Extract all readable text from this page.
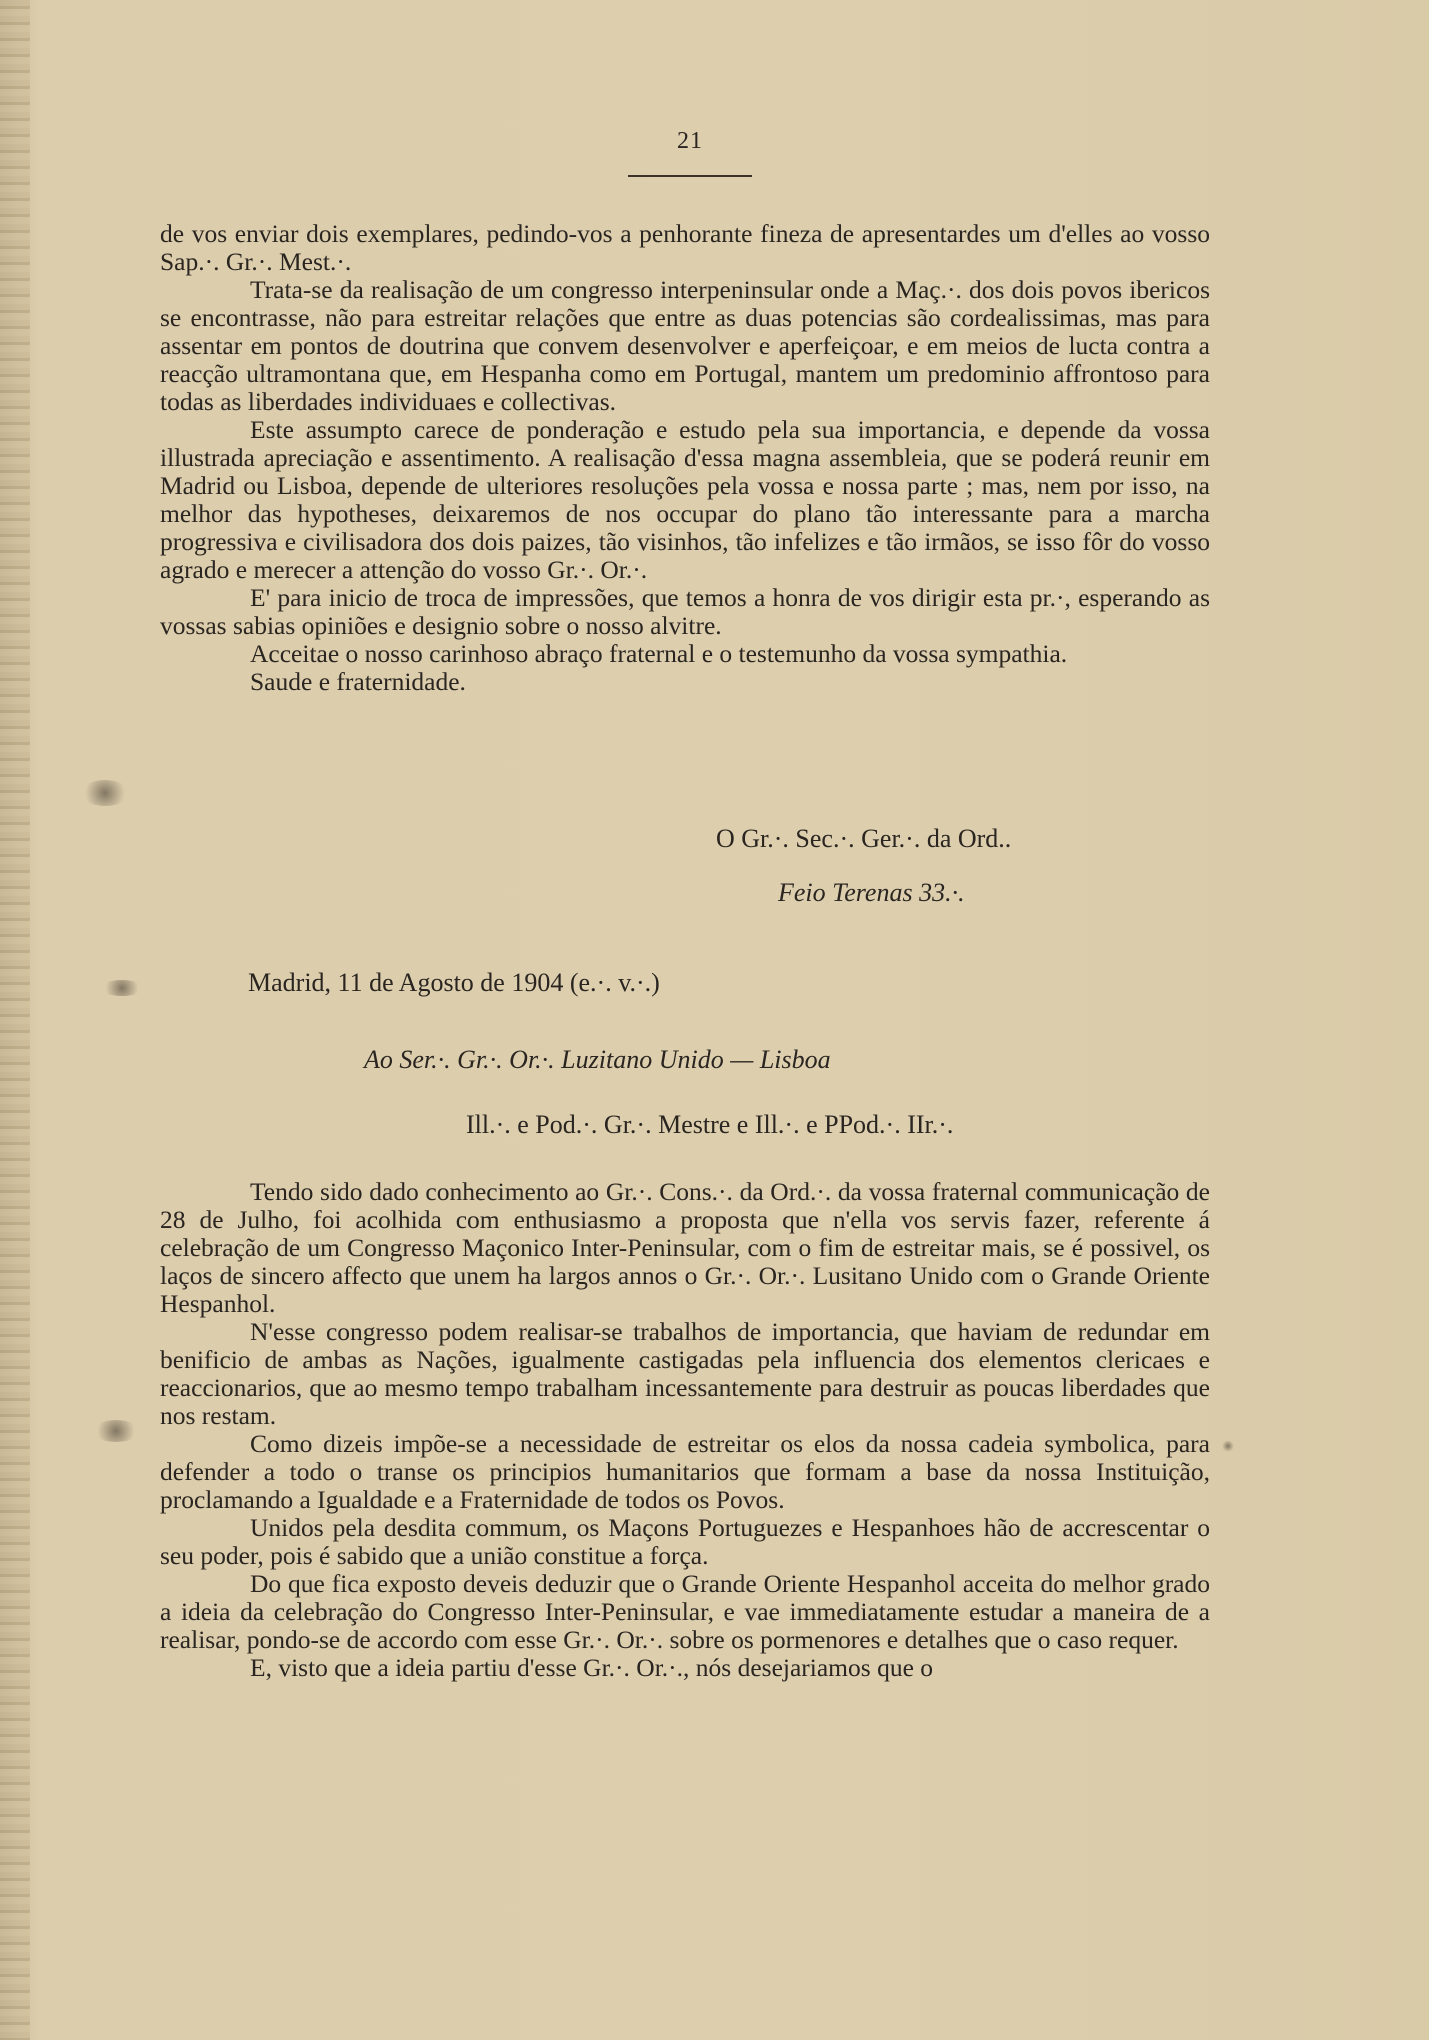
21

de vos enviar dois exemplares, pedindo-vos a penhorante fineza de apresentardes um d'elles ao vosso Sap.·. Gr.·. Mest.·.

Trata-se da realisação de um congresso interpeninsular onde a Maç.·. dos dois povos ibericos se encontrasse, não para estreitar relações que entre as duas potencias são cordealissimas, mas para assentar em pontos de doutrina que convem desenvolver e aperfeiçoar, e em meios de lucta contra a reacção ultramontana que, em Hespanha como em Portugal, mantem um predominio affrontoso para todas as liberdades individuaes e collectivas.

Este assumpto carece de ponderação e estudo pela sua importancia, e depende da vossa illustrada apreciação e assentimento. A realisação d'essa magna assembleia, que se poderá reunir em Madrid ou Lisboa, depende de ulteriores resoluções pela vossa e nossa parte ; mas, nem por isso, na melhor das hypotheses, deixaremos de nos occupar do plano tão interessante para a marcha progressiva e civilisadora dos dois paizes, tão visinhos, tão infelizes e tão irmãos, se isso fôr do vosso agrado e merecer a attenção do vosso Gr.·. Or.·.

E' para inicio de troca de impressões, que temos a honra de vos dirigir esta pr.·, esperando as vossas sabias opiniões e designio sobre o nosso alvitre.

Acceitae o nosso carinhoso abraço fraternal e o testemunho da vossa sympathia.

Saude e fraternidade.

O Gr.·. Sec.·. Ger.·. da Ord..
Feio Terenas 33.·.
Madrid, 11 de Agosto de 1904 (e.·. v.·.)
Ao Ser.·. Gr.·. Or.·. Luzitano Unido — Lisboa
Ill.·. e Pod.·. Gr.·. Mestre e Ill.·. e PPod.·. IIr.·.

Tendo sido dado conhecimento ao Gr.·. Cons.·. da Ord.·. da vossa fraternal communicação de 28 de Julho, foi acolhida com enthusiasmo a proposta que n'ella vos servis fazer, referente á celebração de um Congresso Maçonico Inter-Peninsular, com o fim de estreitar mais, se é possivel, os laços de sincero affecto que unem ha largos annos o Gr.·. Or.·. Lusitano Unido com o Grande Oriente Hespanhol.

N'esse congresso podem realisar-se trabalhos de importancia, que haviam de redundar em benificio de ambas as Nações, igualmente castigadas pela influencia dos elementos clericaes e reaccionarios, que ao mesmo tempo trabalham incessantemente para destruir as poucas liberdades que nos restam.

Como dizeis impõe-se a necessidade de estreitar os elos da nossa cadeia symbolica, para defender a todo o transe os principios humanitarios que formam a base da nossa Instituição, proclamando a Igualdade e a Fraternidade de todos os Povos.

Unidos pela desdita commum, os Maçons Portuguezes e Hespanhoes hão de accrescentar o seu poder, pois é sabido que a união constitue a força.

Do que fica exposto deveis deduzir que o Grande Oriente Hespanhol acceita do melhor grado a ideia da celebração do Congresso Inter-Peninsular, e vae immediatamente estudar a maneira de a realisar, pondo-se de accordo com esse Gr.·. Or.·. sobre os pormenores e detalhes que o caso requer.

E, visto que a ideia partiu d'esse Gr.·. Or.·., nós desejariamos que o
